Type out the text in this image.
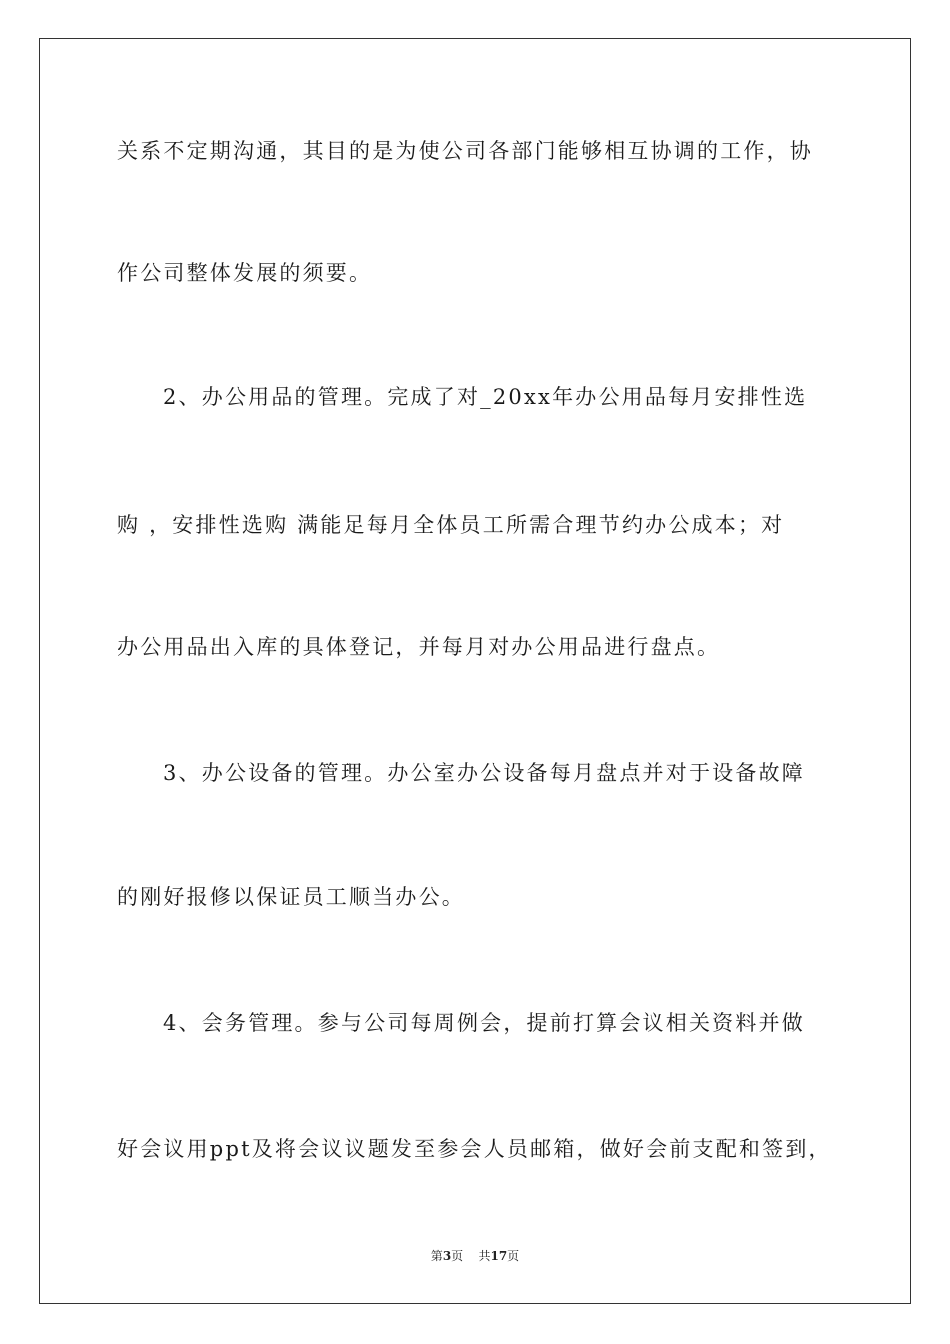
关系不定期沟通，其目的是为使公司各部门能够相互协调的工作，协
作公司整体发展的须要。
2、办公用品的管理。完成了对_20xx年办公用品每月安排性选
购 ，安排性选购 满能足每月全体员工所需合理节约办公成本；对
办公用品出入库的具体登记，并每月对办公用品进行盘点。
3、办公设备的管理。办公室办公设备每月盘点并对于设备故障
的刚好报修以保证员工顺当办公。
4、会务管理。参与公司每周例会，提前打算会议相关资料并做
好会议用ppt及将会议议题发至参会人员邮箱，做好会前支配和签到，
第3页 共17页
